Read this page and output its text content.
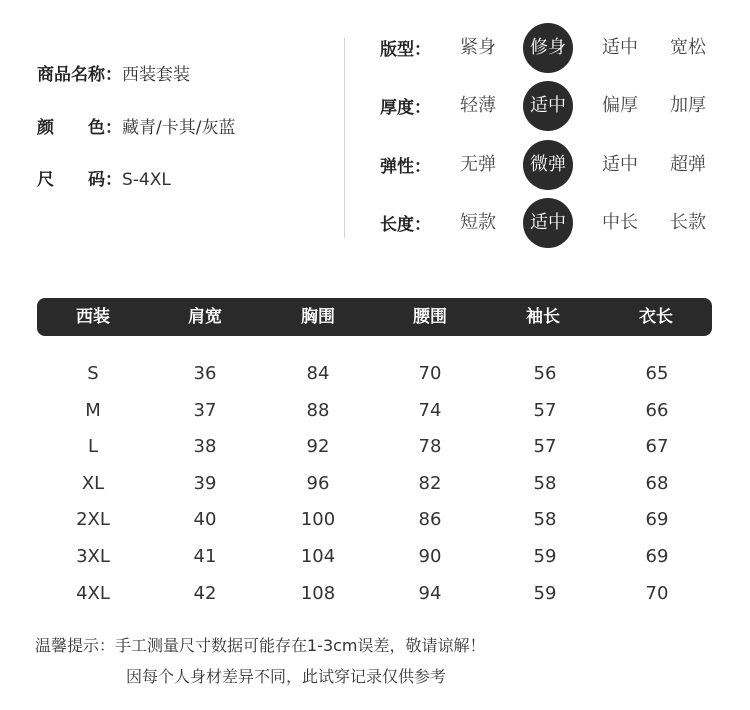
商品名称：西装套装
颜　　色：藏青/卡其/灰蓝
尺　　码：S-4XL
版型：	紧身	修身	适中	宽松
厚度：	轻薄	适中	偏厚	加厚
弹性：	无弹	微弹	适中	超弹
长度：	短款	适中	中长	长款
西装	肩宽	胸围	腰围	袖长	衣长
S	36	84	70	56	65
M	37	88	74	57	66
L	38	92	78	57	67
XL	39	96	82	58	68
2XL	40	100	86	58	69
3XL	41	104	90	59	69
4XL	42	108	94	59	70
温馨提示：手工测量尺寸数据可能存在1-3cm误差，敬请谅解！
因每个人身材差异不同，此试穿记录仅供参考
